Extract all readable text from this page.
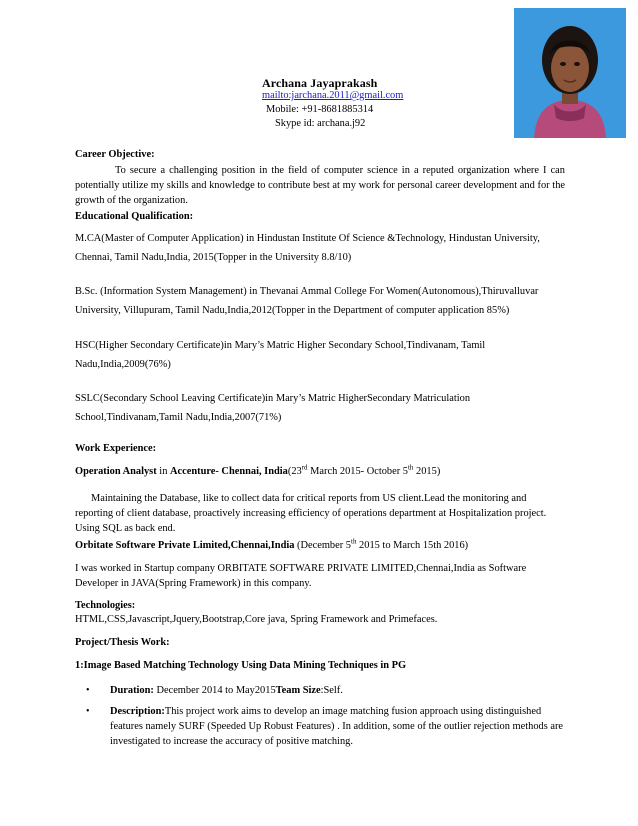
Archana Jayaprakash
mailto:jarchana.2011@gmail.com
Mobile: +91-8681885314
Skype id: archana.j92
Career Objective:
To secure a challenging position in the field of computer science in a reputed organization where I can potentially utilize my skills and knowledge to contribute best at my work for personal career development and for the growth of the organization.
Educational Qualification:
M.CA(Master of Computer Application) in Hindustan Institute Of Science &Technology, Hindustan University,
Chennai, Tamil Nadu,India, 2015(Topper in the University 8.8/10)
B.Sc. (Information System Management) in Thevanai Ammal College For Women(Autonomous),Thiruvalluvar
University, Villupuram, Tamil Nadu,India,2012(Topper in the Department of computer application 85%)
HSC(Higher Secondary Certificate)in Mary’s Matric Higher Secondary School,Tindivanam, Tamil
Nadu,India,2009(76%)
SSLC(Secondary School Leaving Certificate)in Mary’s Matric HigherSecondary Matriculation
School,Tindivanam,Tamil Nadu,India,2007(71%)
Work Experience:
Operation Analyst in Accenture- Chennai, India(23rd March 2015- October 5th 2015)
Maintaining the Database, like to collect data for critical reports from US client.Lead the monitoring and reporting of client database, proactively increasing efficiency of operations department at Hospitalization project. Using SQL as back end.
Orbitate Software Private Limited,Chennai,India (December 5th 2015 to March 15th 2016)
I was worked in Startup company ORBITATE SOFTWARE PRIVATE LIMITED,Chennai,India as Software Developer in JAVA(Spring Framework) in this company.
Technologies:
HTML,CSS,Javascript,Jquery,Bootstrap,Core java, Spring Framework and Primefaces.
Project/Thesis Work:
1:Image Based Matching Technology Using Data Mining Techniques in PG
• Duration: December 2014 to May2015Team Size:Self.
• Description:This project work aims to develop an image matching fusion approach using distinguished features namely SURF (Speeded Up Robust Features) . In addition, some of the outlier rejection methods are investigated to increase the accuracy of positive matching.
